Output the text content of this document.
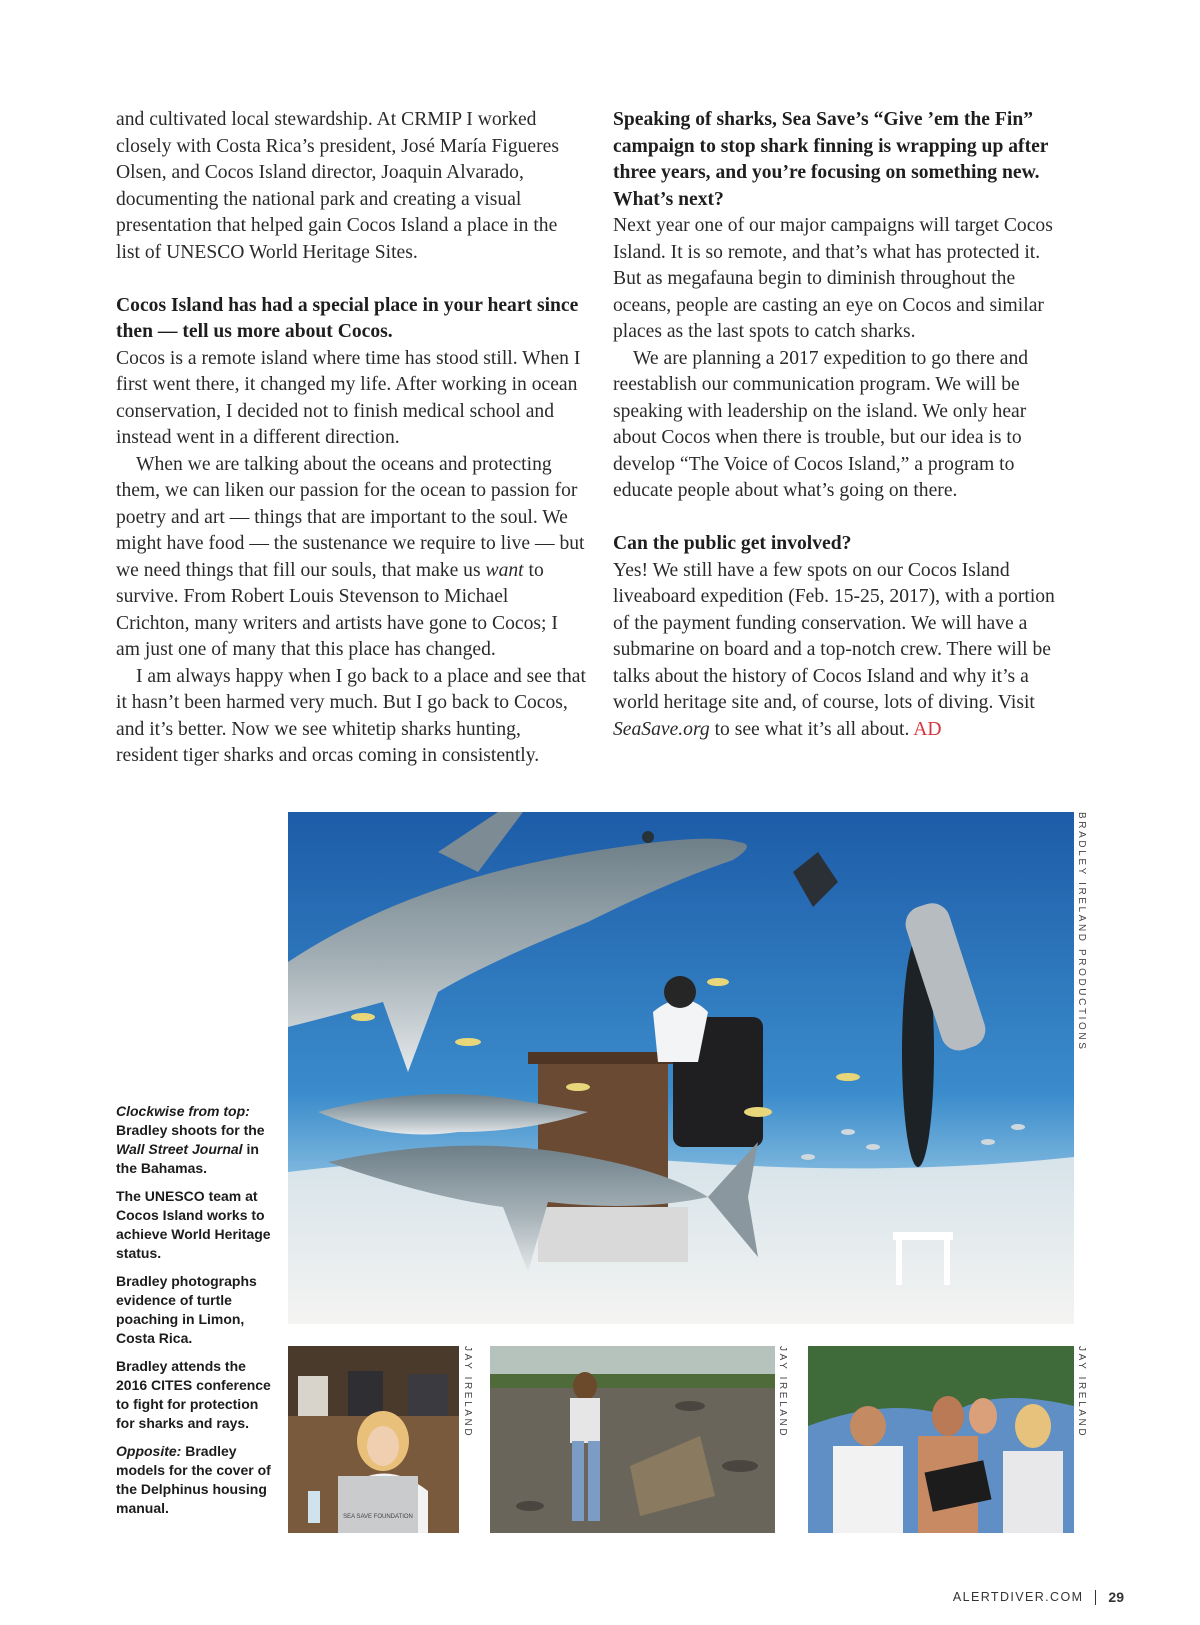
and cultivated local stewardship. At CRMIP I worked closely with Costa Rica’s president, José María Figueres Olsen, and Cocos Island director, Joaquin Alvarado, documenting the national park and creating a visual presentation that helped gain Cocos Island a place in the list of UNESCO World Heritage Sites.

Cocos Island has had a special place in your heart since then — tell us more about Cocos.

Cocos is a remote island where time has stood still. When I first went there, it changed my life. After working in ocean conservation, I decided not to finish medical school and instead went in a different direction.

When we are talking about the oceans and protecting them, we can liken our passion for the ocean to passion for poetry and art — things that are important to the soul. We might have food — the sustenance we require to live — but we need things that fill our souls, that make us want to survive. From Robert Louis Stevenson to Michael Crichton, many writers and artists have gone to Cocos; I am just one of many that this place has changed.

I am always happy when I go back to a place and see that it hasn’t been harmed very much. But I go back to Cocos, and it’s better. Now we see whitetip sharks hunting, resident tiger sharks and orcas coming in consistently.

Speaking of sharks, Sea Save’s “Give ’em the Fin” campaign to stop shark finning is wrapping up after three years, and you’re focusing on something new. What’s next?

Next year one of our major campaigns will target Cocos Island. It is so remote, and that’s what has protected it. But as megafauna begin to diminish throughout the oceans, people are casting an eye on Cocos and similar places as the last spots to catch sharks.

We are planning a 2017 expedition to go there and reestablish our communication program. We will be speaking with leadership on the island. We only hear about Cocos when there is trouble, but our idea is to develop “The Voice of Cocos Island,” a program to educate people about what’s going on there.

Can the public get involved?

Yes! We still have a few spots on our Cocos Island liveaboard expedition (Feb. 15-25, 2017), with a portion of the payment funding conservation. We will have a submarine on board and a top-notch crew. There will be talks about the history of Cocos Island and why it’s a world heritage site and, of course, lots of diving. Visit SeaSave.org to see what it’s all about. AD

BRADLEY IRELAND PRODUCTIONS
SEA SAVE FOUNDATION
JAY IRELAND	JAY IRELAND	JAY IRELAND

Clockwise from top:
Bradley shoots for the Wall Street Journal in the Bahamas.

The UNESCO team at Cocos Island works to achieve World Heritage status.

Bradley photographs evidence of turtle poaching in Limon, Costa Rica.

Bradley attends the 2016 CITES conference to fight for protection for sharks and rays.

Opposite: Bradley models for the cover of the Delphinus housing manual.

ALERTDIVER.COM 29
